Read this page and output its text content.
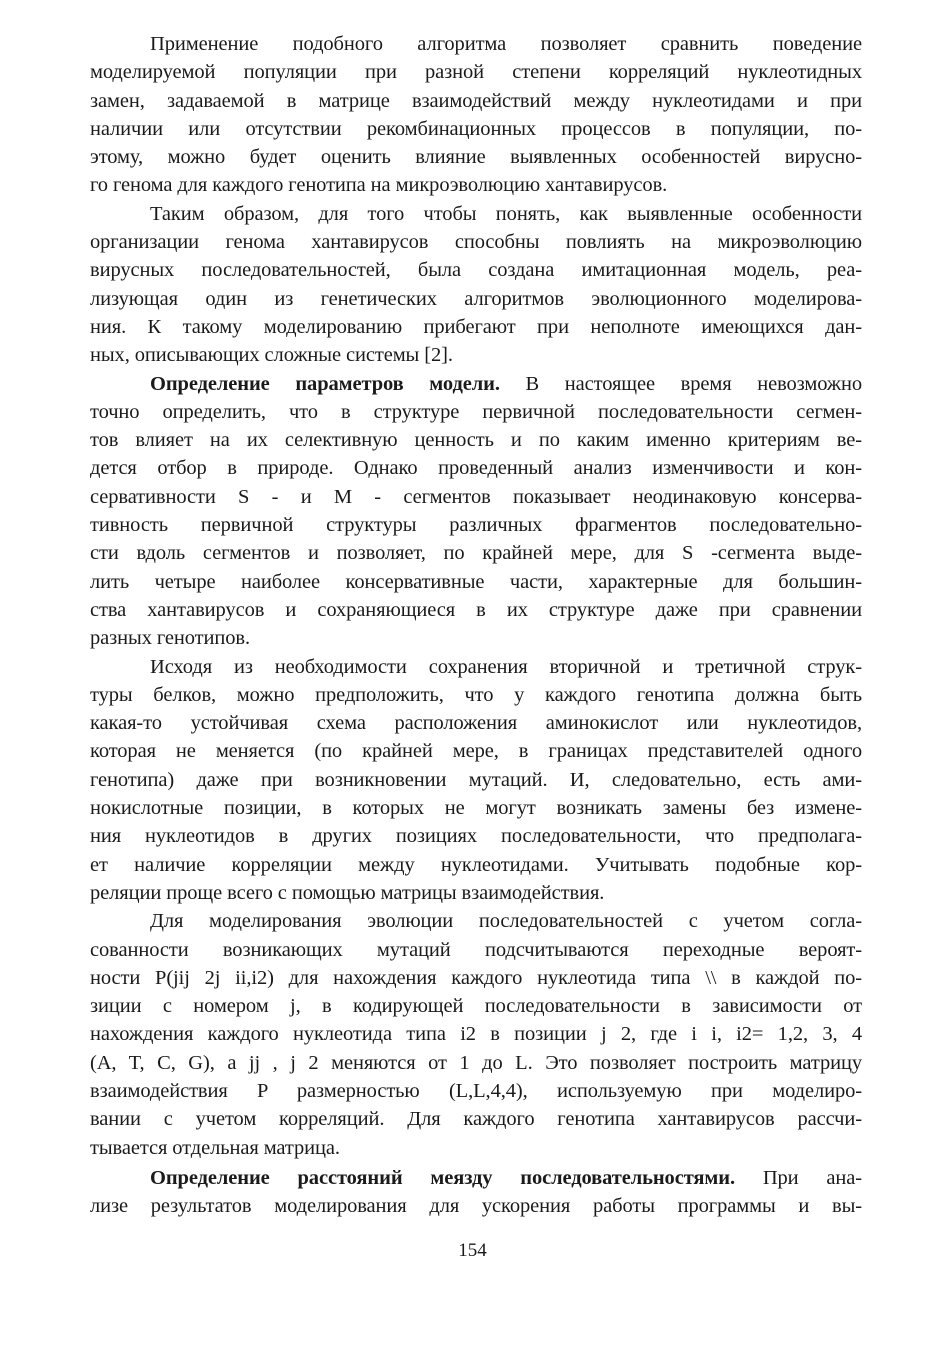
Применение подобного алгоритма позволяет сравнить поведение
моделируемой популяции при разной степени корреляций нуклеотидных
замен, задаваемой в матрице взаимодействий между нуклеотидами и при
наличии или отсутствии рекомбинационных процессов в популяции, по-
этому, можно будет оценить влияние выявленных особенностей вирусно-
го генома для каждого генотипа на микроэволюцию хантавирусов.
Таким образом, для того чтобы понять, как выявленные особенности
организации генома хантавирусов способны повлиять на микроэволюцию
вирусных последовательностей, была создана имитационная модель, реа-
лизующая один из генетических алгоритмов эволюционного моделирова-
ния. К такому моделированию прибегают при неполноте имеющихся дан-
ных, описывающих сложные системы [2].
Определение параметров модели. В настоящее время невозможно
точно определить, что в структуре первичной последовательности сегмен-
тов влияет на их селективную ценность и по каким именно критериям ве-
дется отбор в природе. Однако проведенный анализ изменчивости и кон-
сервативности S - и М - сегментов показывает неодинаковую консерва-
тивность первичной структуры различных фрагментов последовательно-
сти вдоль сегментов и позволяет, по крайней мере, для S -сегмента выде-
лить четыре наиболее консервативные части, характерные для большин-
ства хантавирусов и сохраняющиеся в их структуре даже при сравнении
разных генотипов.
Исходя из необходимости сохранения вторичной и третичной струк-
туры белков, можно предположить, что у каждого генотипа должна быть
какая-то устойчивая схема расположения аминокислот или нуклеотидов,
которая не меняется (по крайней мере, в границах представителей одного
генотипа) даже при возникновении мутаций. И, следовательно, есть ами-
нокислотные позиции, в которых не могут возникать замены без измене-
ния нуклеотидов в других позициях последовательности, что предполага-
ет наличие корреляции между нуклеотидами. Учитывать подобные кор-
реляции проще всего с помощью матрицы взаимодействия.
Для моделирования эволюции последовательностей с учетом согла-
сованности возникающих мутаций подсчитываются переходные вероят-
ности P(jij 2j ii,i2) для нахождения каждого нуклеотида типа \\ в каждой по-
зиции с номером j, в кодирующей последовательности в зависимости от
нахождения каждого нуклеотида типа i2 в позиции j 2, где i i, i2= 1,2, 3, 4
(A, T, C, G), a jj , j 2 меняются от 1 до L. Это позволяет построить матрицу
взаимодействия P размерностью (L,L,4,4), используемую при моделиро-
вании с учетом корреляций. Для каждого генотипа хантавирусов рассчи-
тывается отдельная матрица.
Определение расстояний меязду последовательностями. При ана-
лизе результатов моделирования для ускорения работы программы и вы-
154
